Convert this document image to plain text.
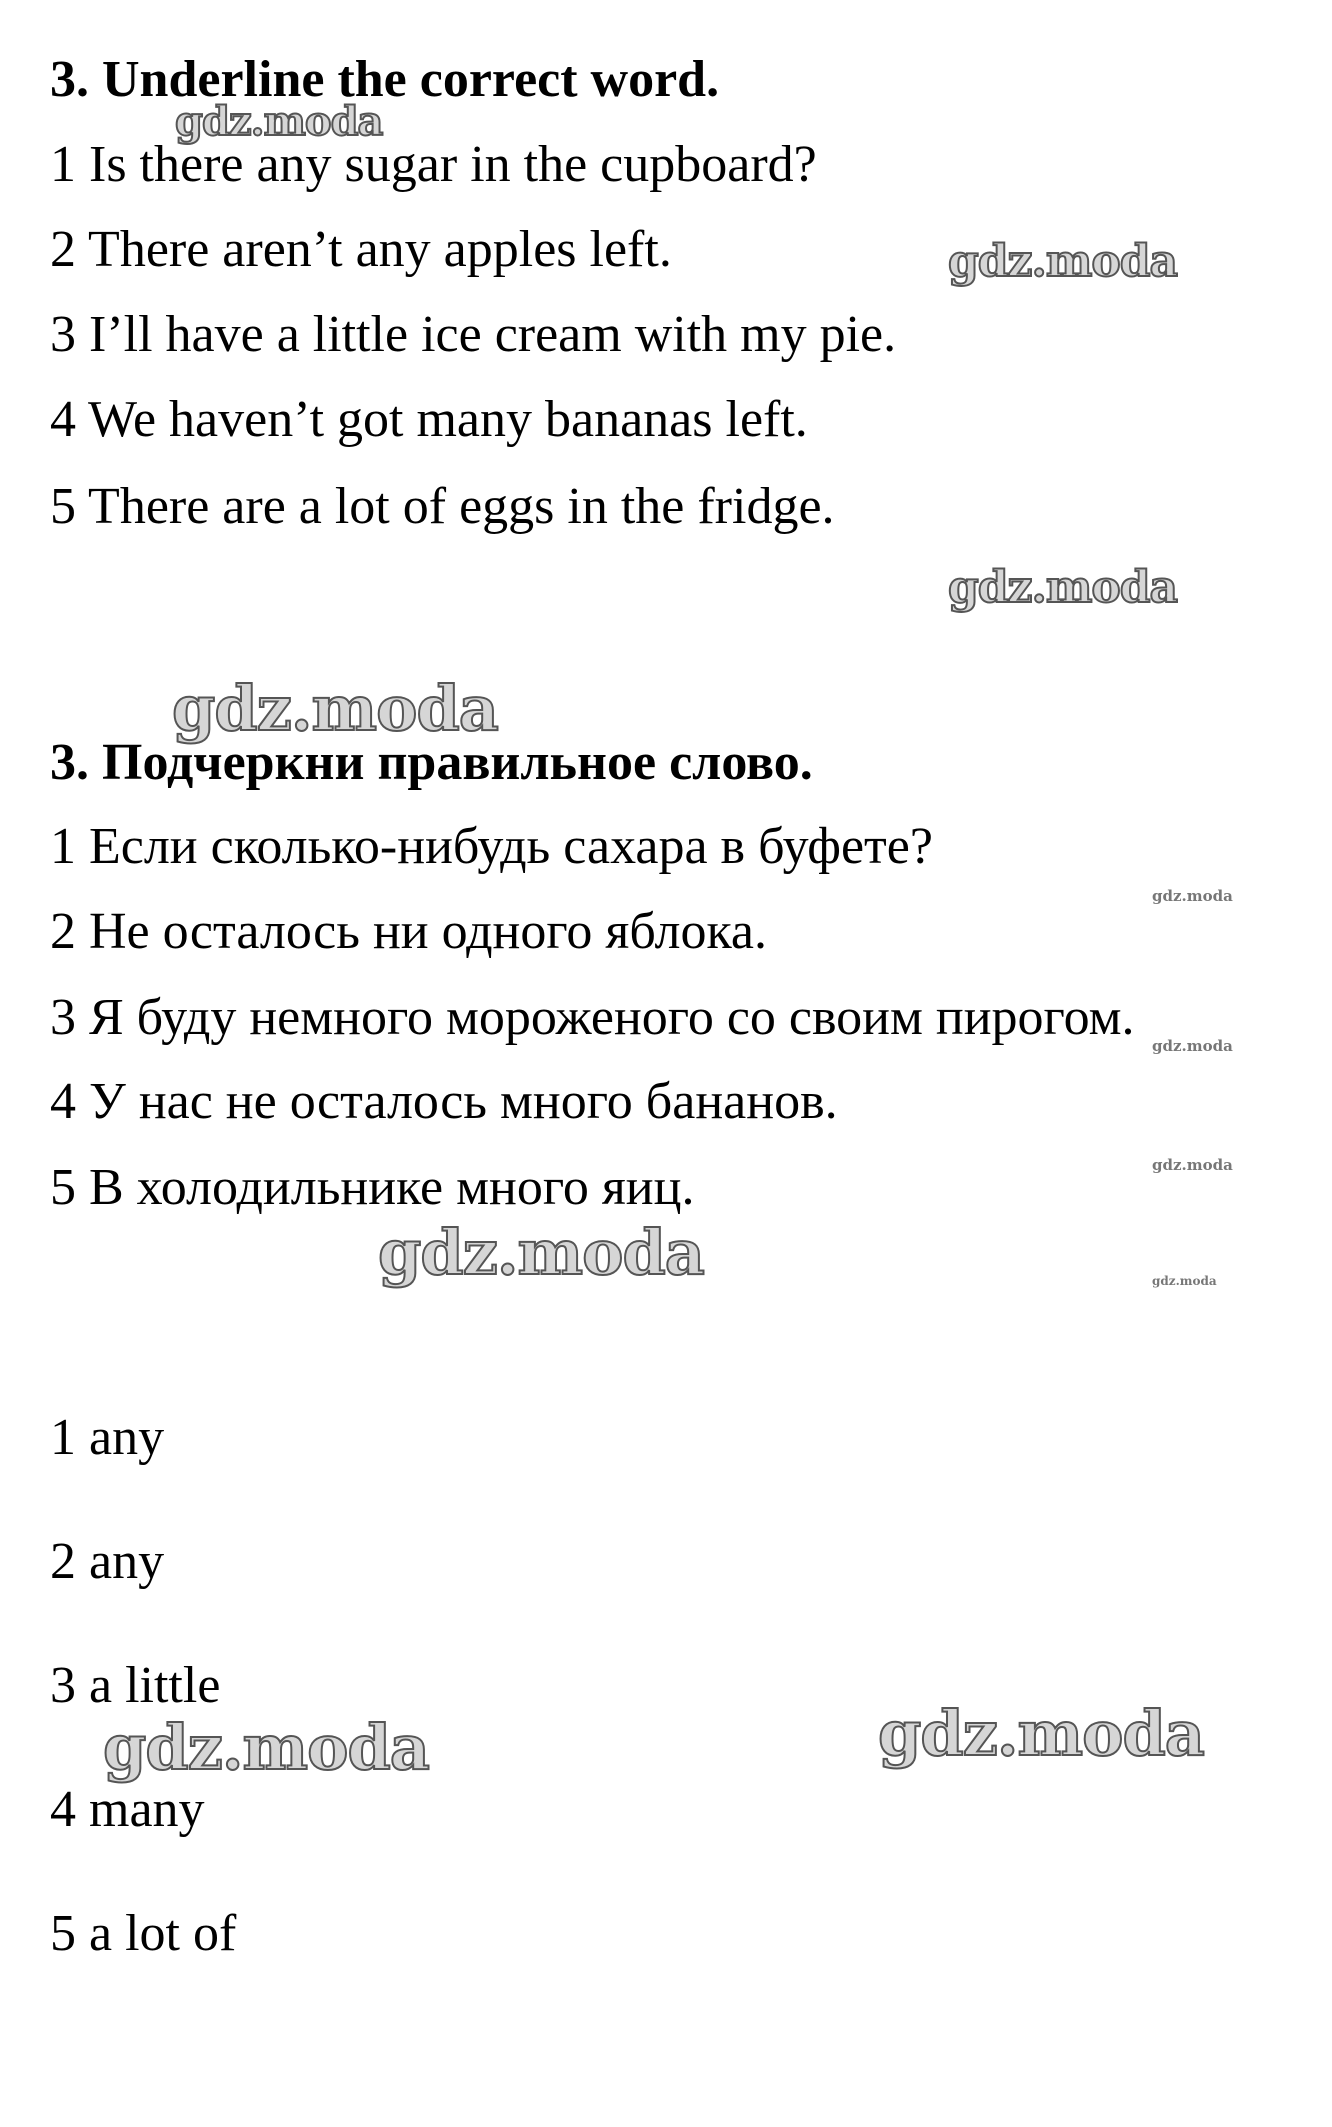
gdz.moda
gdz.moda
gdz.moda
gdz.moda
gdz.moda
gdz.moda
gdz.moda
gdz.moda	gdz.moda
gdz.moda	gdz.moda
3. Underline the correct word.
1 Is there any sugar in the cupboard?
2 There aren’t any apples left.
3 I’ll have a little ice cream with my pie.
4 We haven’t got many bananas left.
5 There are a lot of eggs in the fridge.
3. Подчеркни правильное слово.
1 Если сколько-нибудь сахара в буфете?
2 Не осталось ни одного яблока.
3 Я буду немного мороженого со своим пирогом.
4 У нас не осталось много бананов.
5 В холодильнике много яиц.
1 any
2 any
3 a little
4 many
5 a lot of
